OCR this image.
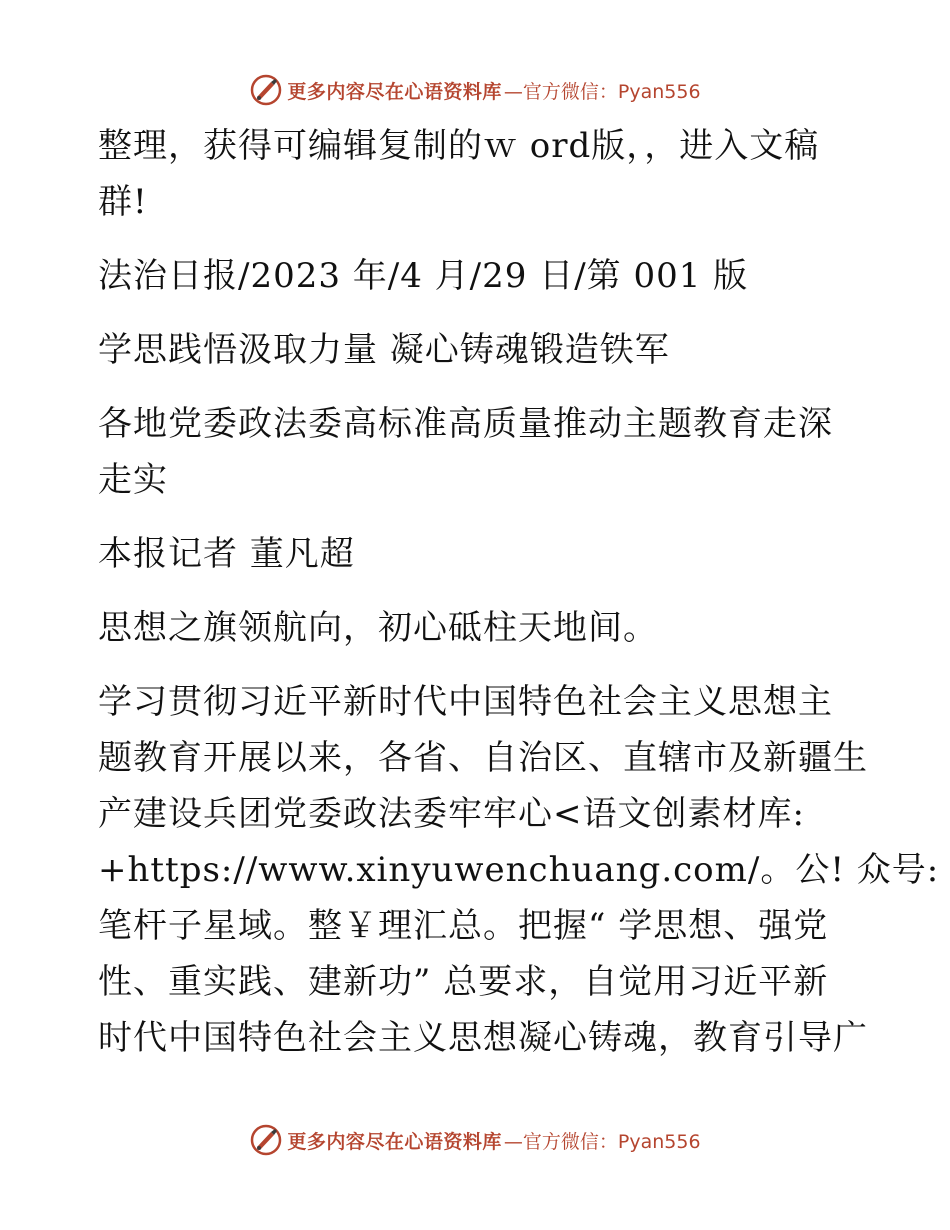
更多内容尽在心语资料库 —官方微信：Pyan556
整理，获得可编辑复制的ｗ ord版，，进入文稿
群!
法治日报/2023 年/4 月/29 日/第 001 版
学思践悟汲取力量 凝心铸魂锻造铁军
各地党委政法委高标准高质量推动主题教育走深
走实
本报记者 董凡超
思想之旗领航向，初心砥柱天地间。
学习贯彻习近平新时代中国特色社会主义思想主
题教育开展以来，各省、自治区、直辖市及新疆生
产建设兵团党委政法委牢牢心<语文创素材库:
+https://www.xinyuwenchuang.com/。公! 众号:
笔杆子星域。整￥理汇总。把握“ 学思想、强党
性、重实践、建新功” 总要求，自觉用习近平新
时代中国特色社会主义思想凝心铸魂，教育引导广
更多内容尽在心语资料库 —官方微信：Pyan556
